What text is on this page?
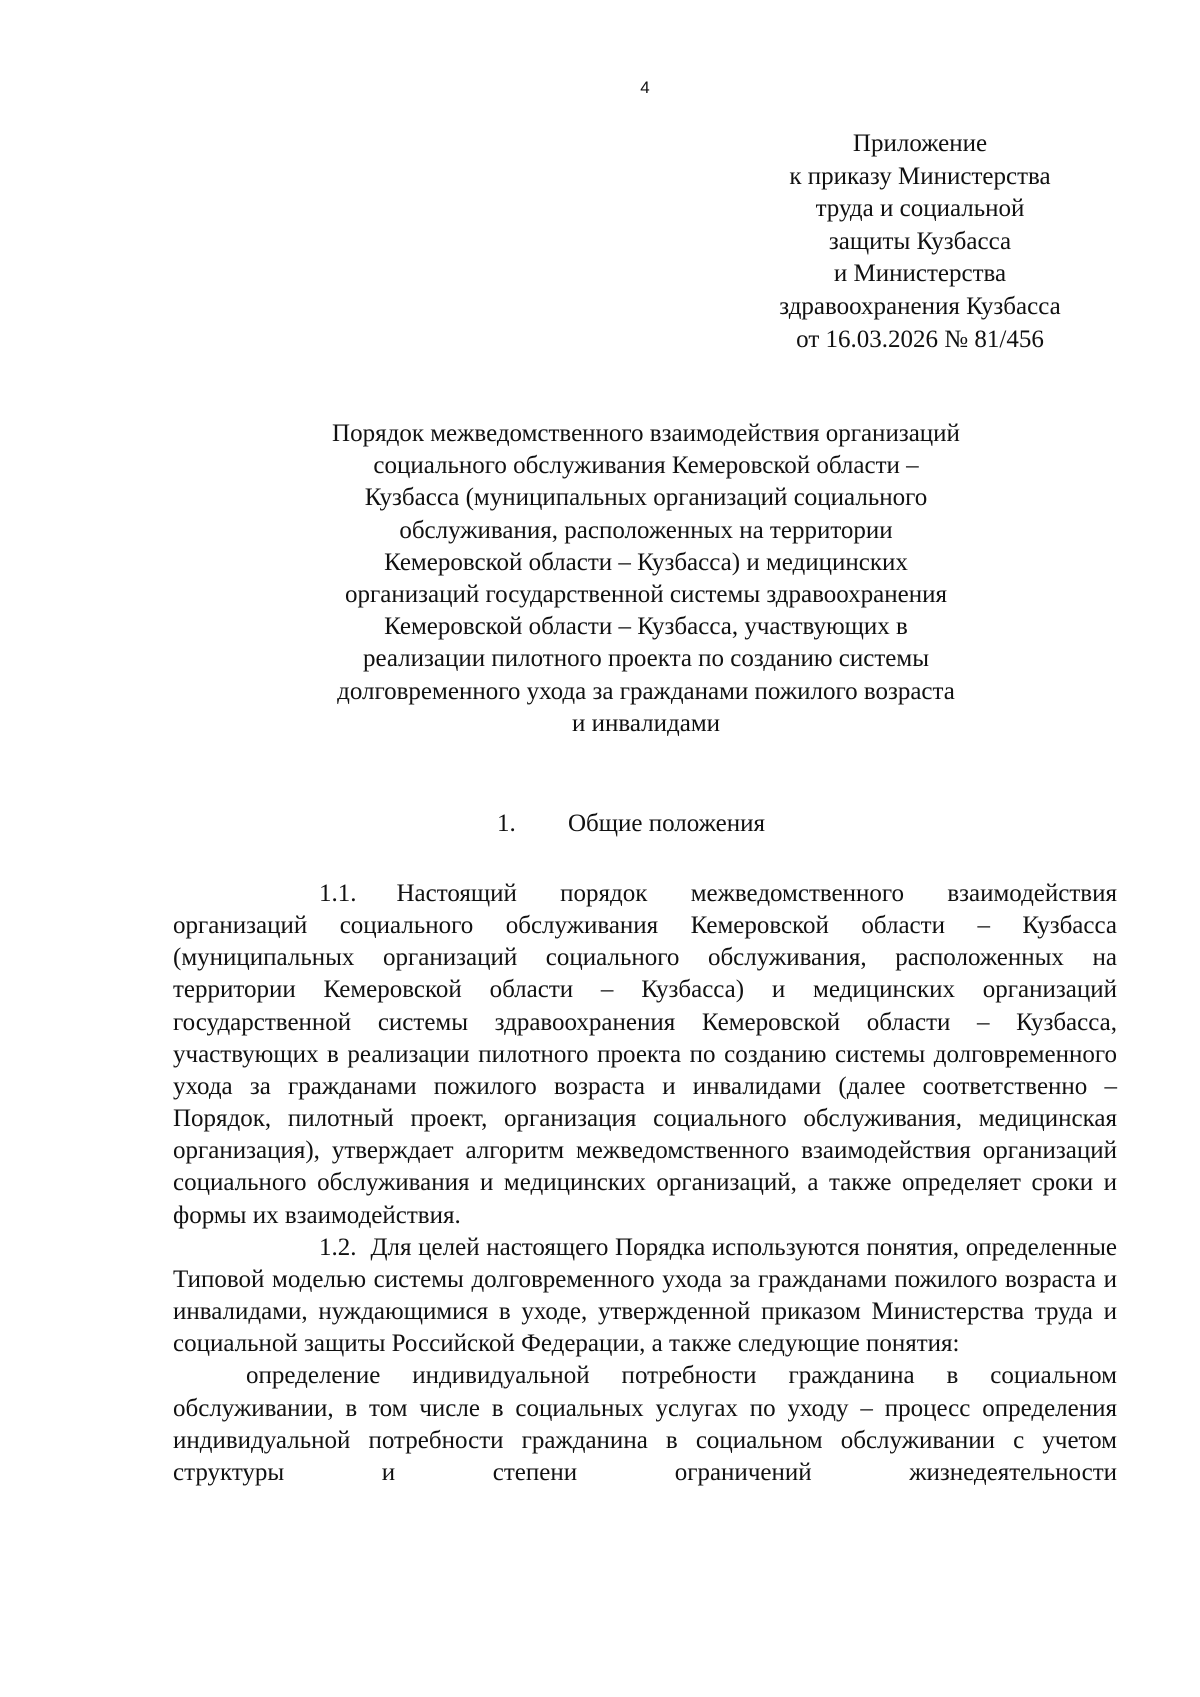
4
Приложение
к приказу Министерства
труда и социальной
защиты Кузбасса
и Министерства
здравоохранения Кузбасса
от 16.03.2026 № 81/456
Порядок межведомственного взаимодействия организаций
социального обслуживания Кемеровской области –
Кузбасса (муниципальных организаций социального
обслуживания, расположенных на территории
Кемеровской области – Кузбасса) и медицинских
организаций государственной системы здравоохранения
Кемеровской области – Кузбасса, участвующих в
реализации пилотного проекта по созданию системы
долговременного ухода за гражданами пожилого возраста
и инвалидами
1. Общие положения

1.1. Настоящий порядок межведомственного взаимодействия организаций социального обслуживания Кемеровской области – Кузбасса (муниципальных организаций социального обслуживания, расположенных на территории Кемеровской области – Кузбасса) и медицинских организаций государственной системы здравоохранения Кемеровской области – Кузбасса, участвующих в реализации пилотного проекта по созданию системы долговременного ухода за гражданами пожилого возраста и инвалидами (далее соответственно – Порядок, пилотный проект, организация социального обслуживания, медицинская организация), утверждает алгоритм межведомственного взаимодействия организаций социального обслуживания и медицинских организаций, а также определяет сроки и формы их взаимодействия.

1.2. Для целей настоящего Порядка используются понятия, определенные Типовой моделью системы долговременного ухода за гражданами пожилого возраста и инвалидами, нуждающимися в уходе, утвержденной приказом Министерства труда и социальной защиты Российской Федерации, а также следующие понятия:

определение индивидуальной потребности гражданина в социальном обслуживании, в том числе в социальных услугах по уходу – процесс определения индивидуальной потребности гражданина в социальном обслуживании с учетом структуры и степени ограничений жизнедеятельности
